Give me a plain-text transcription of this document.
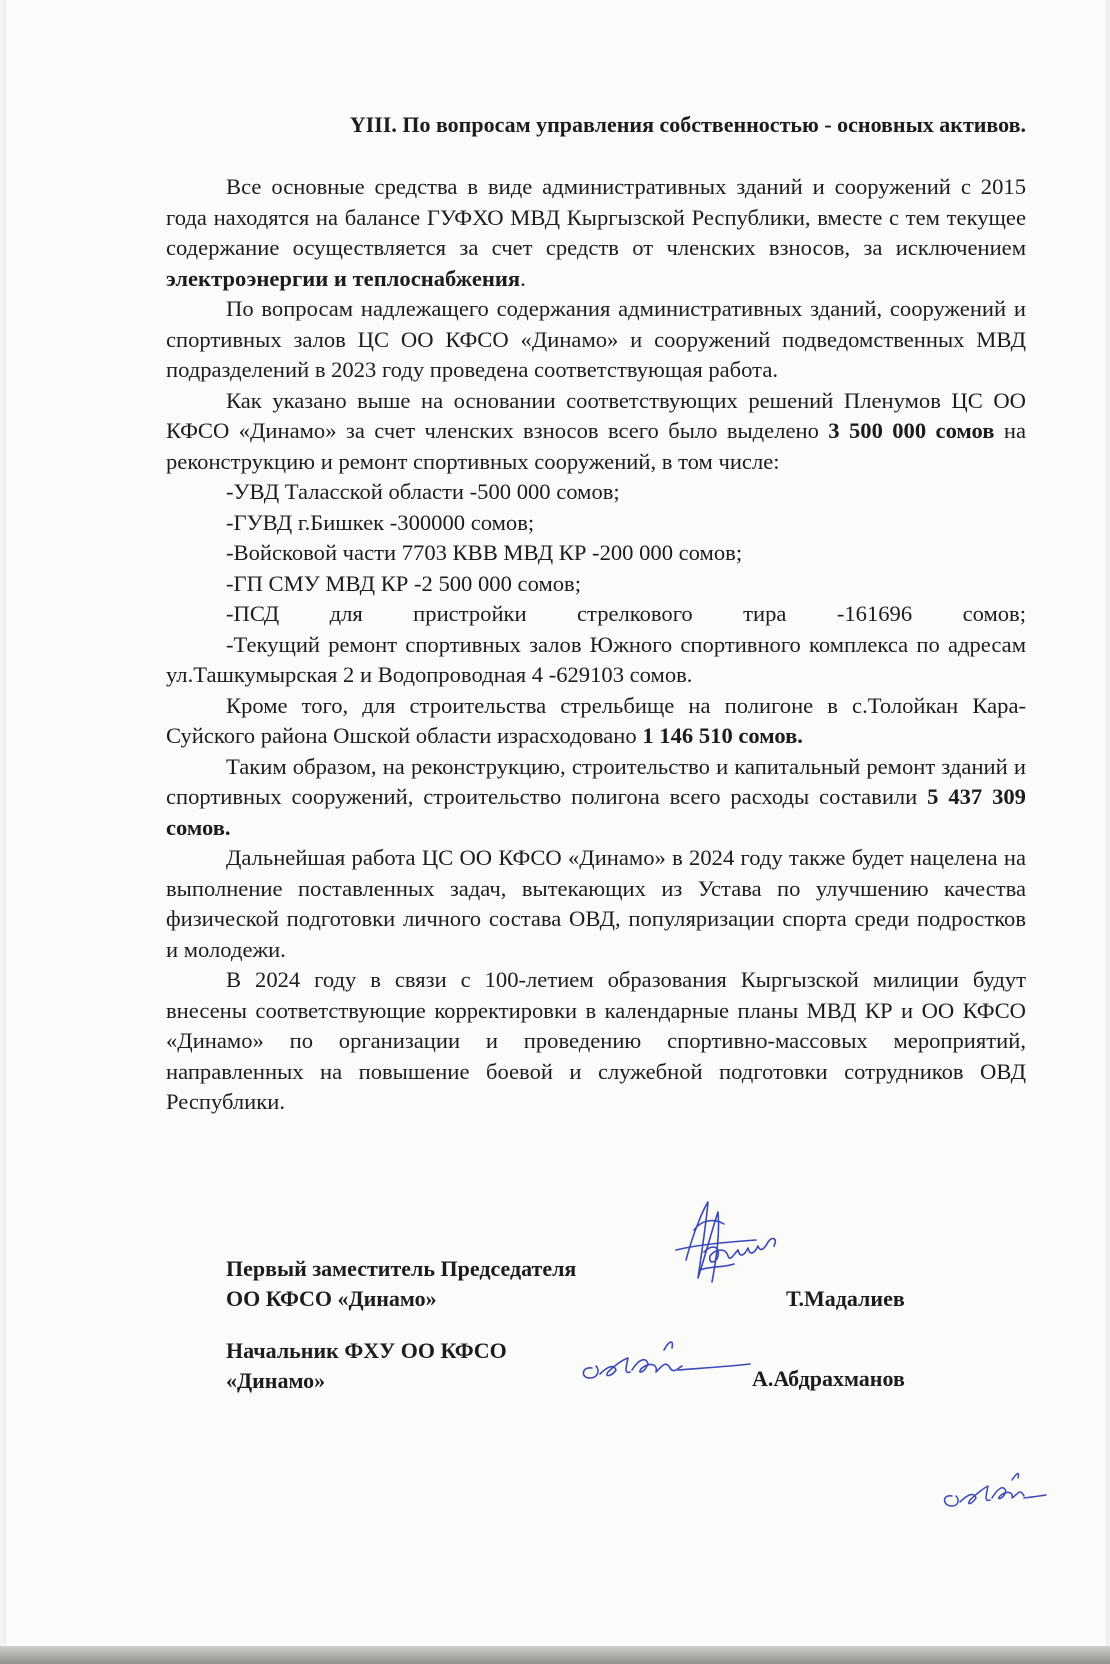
YIII. По вопросам управления собственностью - основных активов.

Все основные средства в виде административных зданий и сооружений с 2015 года находятся на балансе ГУФХО МВД Кыргызской Республики, вместе с тем текущее содержание осуществляется за счет средств от членских взносов, за исключением электроэнергии и теплоснабжения.

По вопросам надлежащего содержания административных зданий, сооружений и спортивных залов ЦС ОО КФСО «Динамо» и сооружений подведомственных МВД подразделений в 2023 году проведена соответствующая работа.

Как указано выше на основании соответствующих решений Пленумов ЦС ОО КФСО «Динамо» за счет членских взносов всего было выделено 3 500 000 сомов на реконструкцию и ремонт спортивных сооружений, в том числе:

-УВД Таласской области -500 000 сомов;

-ГУВД г.Бишкек -300000 сомов;

-Войсковой части 7703 КВВ МВД КР -200 000 сомов;

-ГП СМУ МВД КР -2 500 000 сомов;

-ПСД для пристройки стрелкового тира -161696 сомов;

-Текущий ремонт спортивных залов Южного спортивного комплекса по адресам ул.Ташкумырская 2 и Водопроводная 4 -629103 сомов.

Кроме того, для строительства стрельбище на полигоне в с.Толойкан Кара-Суйского района Ошской области израсходовано 1 146 510 сомов.

Таким образом, на реконструкцию, строительство и капитальный ремонт зданий и спортивных сооружений, строительство полигона всего расходы составили 5 437 309 сомов.

Дальнейшая работа ЦС ОО КФСО «Динамо» в 2024 году также будет нацелена на выполнение поставленных задач, вытекающих из Устава по улучшению качества физической подготовки личного состава ОВД, популяризации спорта среди подростков и молодежи.

В 2024 году в связи с 100-летием образования Кыргызской милиции будут внесены соответствующие корректировки в календарные планы МВД КР и ОО КФСО «Динамо» по организации и проведению спортивно-массовых мероприятий, направленных на повышение боевой и служебной подготовки сотрудников ОВД Республики.

Первый заместитель Председателя
ОО КФСО «Динамо»	Т.Мадалиев
Начальник ФХУ ОО КФСО
«Динамо»	А.Абдрахманов
